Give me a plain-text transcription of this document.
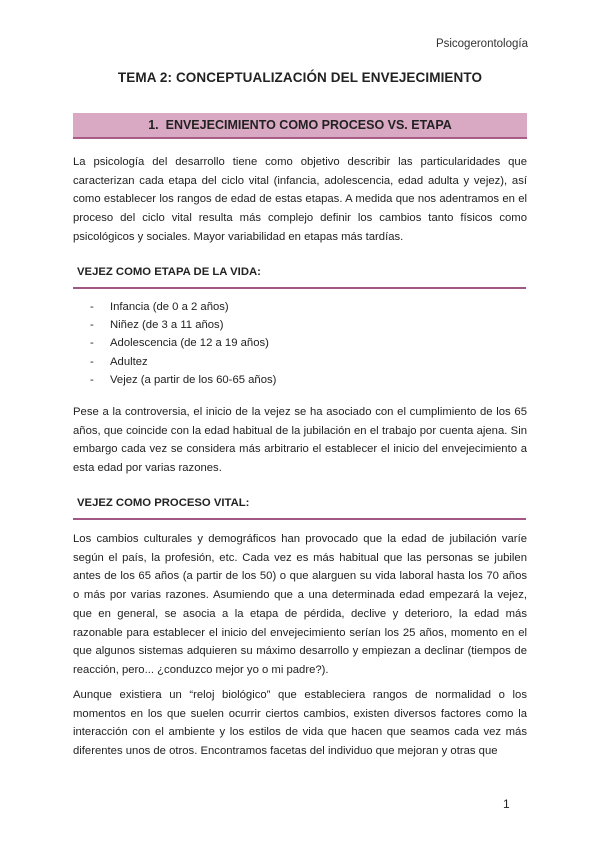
Psicogerontología
TEMA 2: CONCEPTUALIZACIÓN DEL ENVEJECIMIENTO
1.
ENVEJECIMIENTO COMO PROCESO VS. ETAPA

La psicología del desarrollo tiene como objetivo describir las particularidades que caracterizan cada etapa del ciclo vital (infancia, adolescencia, edad adulta y vejez), así como establecer los rangos de edad de estas etapas. A medida que nos adentramos en el proceso del ciclo vital resulta más complejo definir los cambios tanto físicos como psicológicos y sociales. Mayor variabilidad en etapas más tardías.

VEJEZ COMO ETAPA DE LA VIDA:
- Infancia (de 0 a 2 años)
- Niñez (de 3 a 11 años)
- Adolescencia (de 12 a 19 años)
- Adultez
- Vejez (a partir de los 60-65 años)

Pese a la controversia, el inicio de la vejez se ha asociado con el cumplimiento de los 65 años, que coincide con la edad habitual de la jubilación en el trabajo por cuenta ajena. Sin embargo cada vez se considera más arbitrario el establecer el inicio del envejecimiento a esta edad por varias razones.

VEJEZ COMO PROCESO VITAL:

Los cambios culturales y demográficos han provocado que la edad de jubilación varíe según el país, la profesión, etc. Cada vez es más habitual que las personas se jubilen antes de los 65 años (a partir de los 50) o que alarguen su vida laboral hasta los 70 años o más por varias razones. Asumiendo que a una determinada edad empezará la vejez, que en general, se asocia a la etapa de pérdida, declive y deterioro, la edad más razonable para establecer el inicio del envejecimiento serían los 25 años, momento en el que algunos sistemas adquieren su máximo desarrollo y empiezan a declinar (tiempos de reacción, pero... ¿conduzco mejor yo o mi padre?).

Aunque existiera un “reloj biológico” que estableciera rangos de normalidad o los momentos en los que suelen ocurrir ciertos cambios, existen diversos factores como la interacción con el ambiente y los estilos de vida que hacen que seamos cada vez más diferentes unos de otros. Encontramos facetas del individuo que mejoran y otras que

1
